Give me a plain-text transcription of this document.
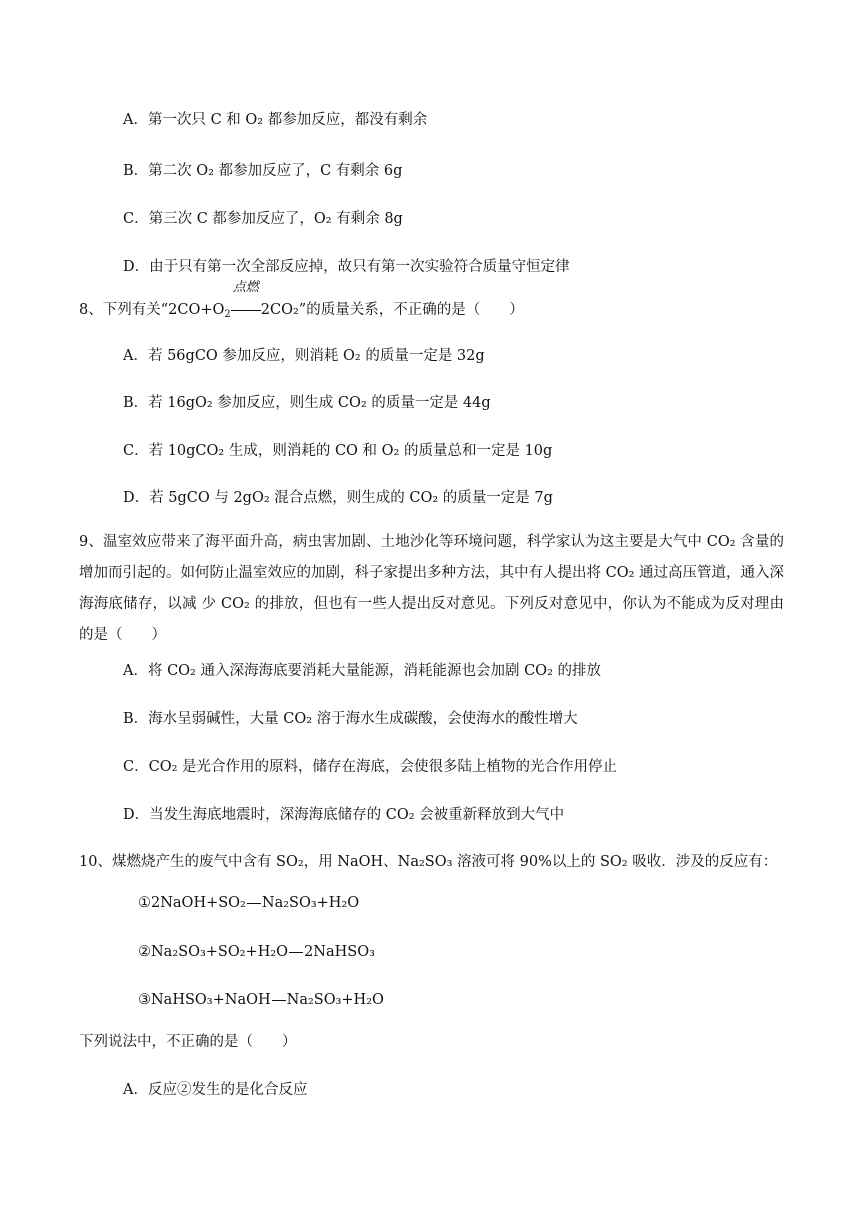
A．第一次只 C 和 O₂ 都参加反应，都没有剩余
B．第二次 O₂ 都参加反应了，C 有剩余 6g
C．第三次 C 都参加反应了，O₂ 有剩余 8g
D．由于只有第一次全部反应掉，故只有第一次实验符合质量守恒定律
8、下列有关“$2CO+O_2$
点燃
2CO₂”的质量关系，不正确的是（　　）
A．若 56gCO 参加反应，则消耗 O₂ 的质量一定是 32g
B．若 16gO₂ 参加反应，则生成 CO₂ 的质量一定是 44g
C．若 10gCO₂ 生成，则消耗的 CO 和 O₂ 的质量总和一定是 10g
D．若 5gCO 与 2gO₂ 混合点燃，则生成的 CO₂ 的质量一定是 7g
9、温室效应带来了海平面升高，病虫害加剧、土地沙化等环境问题，科学家认为这主要是大气中 CO₂ 含量的增加而引起的。如何防止温室效应的加剧，科子家提出多种方法，其中有人提出将 CO₂ 通过高压管道，通入深海海底储存，以减 少 CO₂ 的排放，但也有一些人提出反对意见。下列反对意见中，你认为不能成为反对理由的是（　　）
A．将 CO₂ 通入深海海底要消耗大量能源，消耗能源也会加剧 CO₂ 的排放
B．海水呈弱碱性，大量 CO₂ 溶于海水生成碳酸，会使海水的酸性增大
C．CO₂ 是光合作用的原料，储存在海底，会使很多陆上植物的光合作用停止
D．当发生海底地震时，深海海底储存的 CO₂ 会被重新释放到大气中
10、煤燃烧产生的废气中含有 SO₂，用 NaOH、Na₂SO₃ 溶液可将 90%以上的 SO₂ 吸收．涉及的反应有：
①2NaOH+SO₂ Na₂SO₃+H₂O
②Na₂SO₃+SO₂+H₂O 2NaHSO₃
③NaHSO₃+NaOH Na₂SO₃+H₂O
下列说法中，不正确的是（　　）
A．反应②发生的是化合反应
